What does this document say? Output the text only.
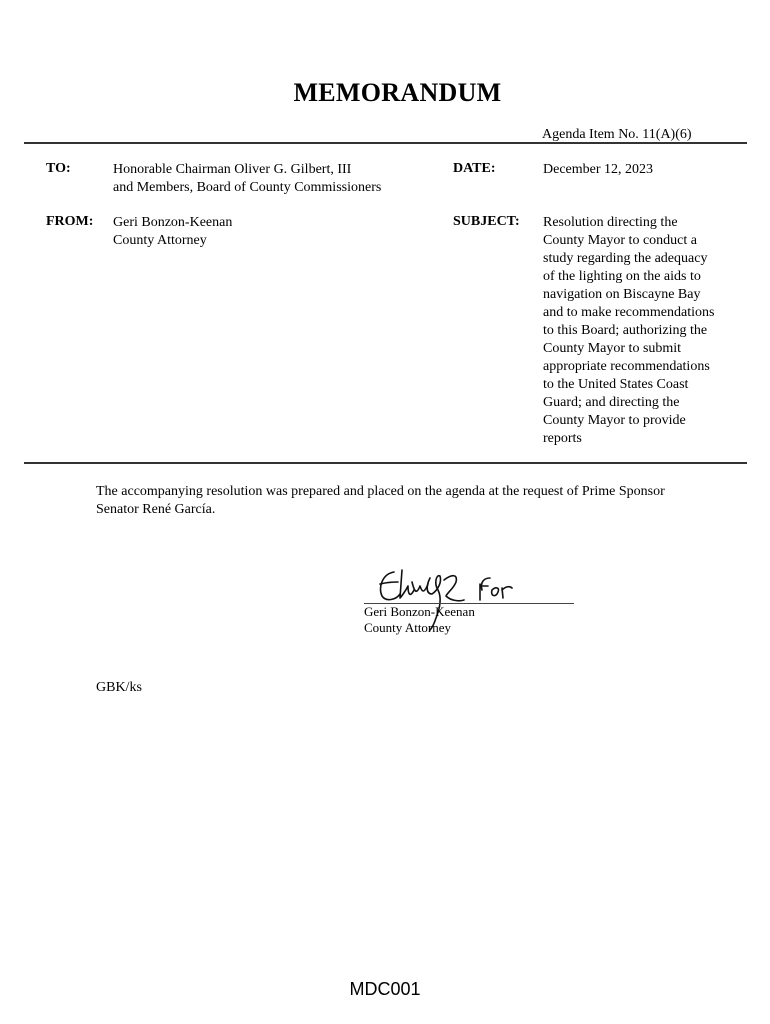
MEMORANDUM
Agenda Item No. 11(A)(6)
TO:	Honorable Chairman Oliver G. Gilbert, III
and Members, Board of County Commissioners
DATE:	December 12, 2023
FROM: Geri Bonzon-Keenan
County Attorney
SUBJECT: Resolution directing the
County Mayor to conduct a
study regarding the adequacy
of the lighting on the aids to
navigation on Biscayne Bay
and to make recommendations
to this Board; authorizing the
County Mayor to submit
appropriate recommendations
to the United States Coast
Guard; and directing the
County Mayor to provide
reports
The accompanying resolution was prepared and placed on the agenda at the request of Prime Sponsor
Senator René García.
Geri Bonzon-Keenan
County Attorney
GBK/ks
MDC001
